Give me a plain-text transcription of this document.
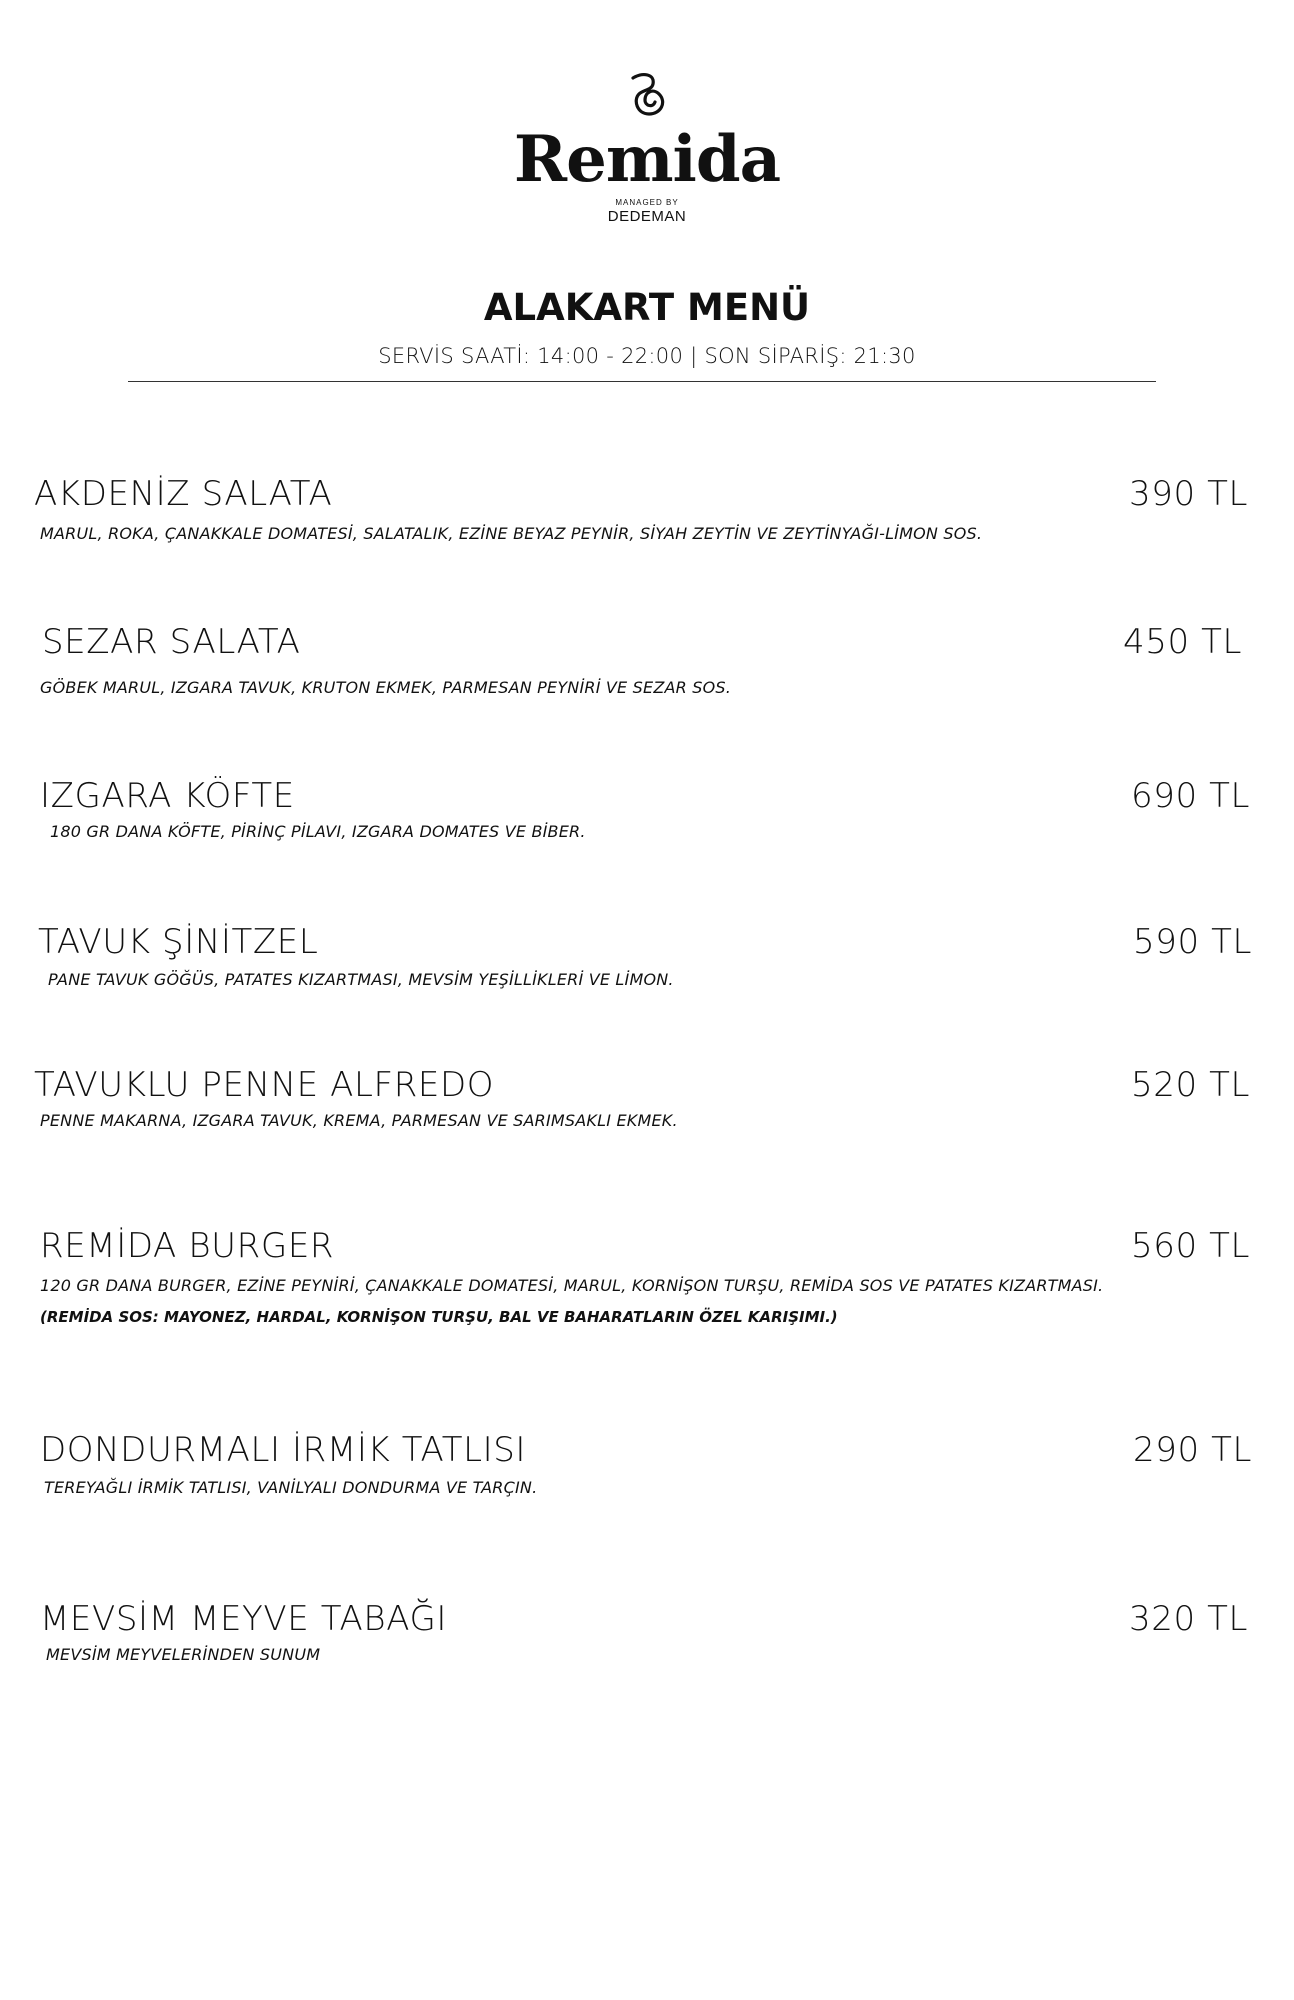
Remida
MANAGED BY
DEDEMAN
ALAKART MENÜ
SERVİS SAATİ: 14:00 - 22:00 | SON SİPARİŞ: 21:30
AKDENİZ SALATA	390 TL
MARUL, ROKA, ÇANAKKALE DOMATESİ, SALATALIK, EZİNE BEYAZ PEYNİR, SİYAH ZEYTİN VE ZEYTİNYAĞI-LİMON SOS.
SEZAR SALATA	450 TL
GÖBEK MARUL, IZGARA TAVUK, KRUTON EKMEK, PARMESAN PEYNİRİ VE SEZAR SOS.
IZGARA KÖFTE	690 TL
180 GR DANA KÖFTE, PİRİNÇ PİLAVI, IZGARA DOMATES VE BİBER.
TAVUK ŞİNİTZEL	590 TL
PANE TAVUK GÖĞÜS, PATATES KIZARTMASI, MEVSİM YEŞİLLİKLERİ VE LİMON.
TAVUKLU PENNE ALFREDO	520 TL
PENNE MAKARNA, IZGARA TAVUK, KREMA, PARMESAN VE SARIMSAKLI EKMEK.
REMİDA BURGER	560 TL
120 GR DANA BURGER, EZİNE PEYNİRİ, ÇANAKKALE DOMATESİ, MARUL, KORNİŞON TURŞU, REMİDA SOS VE PATATES KIZARTMASI.
(REMİDA SOS: MAYONEZ, HARDAL, KORNİŞON TURŞU, BAL VE BAHARATLARIN ÖZEL KARIŞIMI.)
DONDURMALI İRMİK TATLISI	290 TL
TEREYAĞLI İRMİK TATLISI, VANİLYALI DONDURMA VE TARÇIN.
MEVSİM MEYVE TABAĞI	320 TL
MEVSİM MEYVELERİNDEN SUNUM
